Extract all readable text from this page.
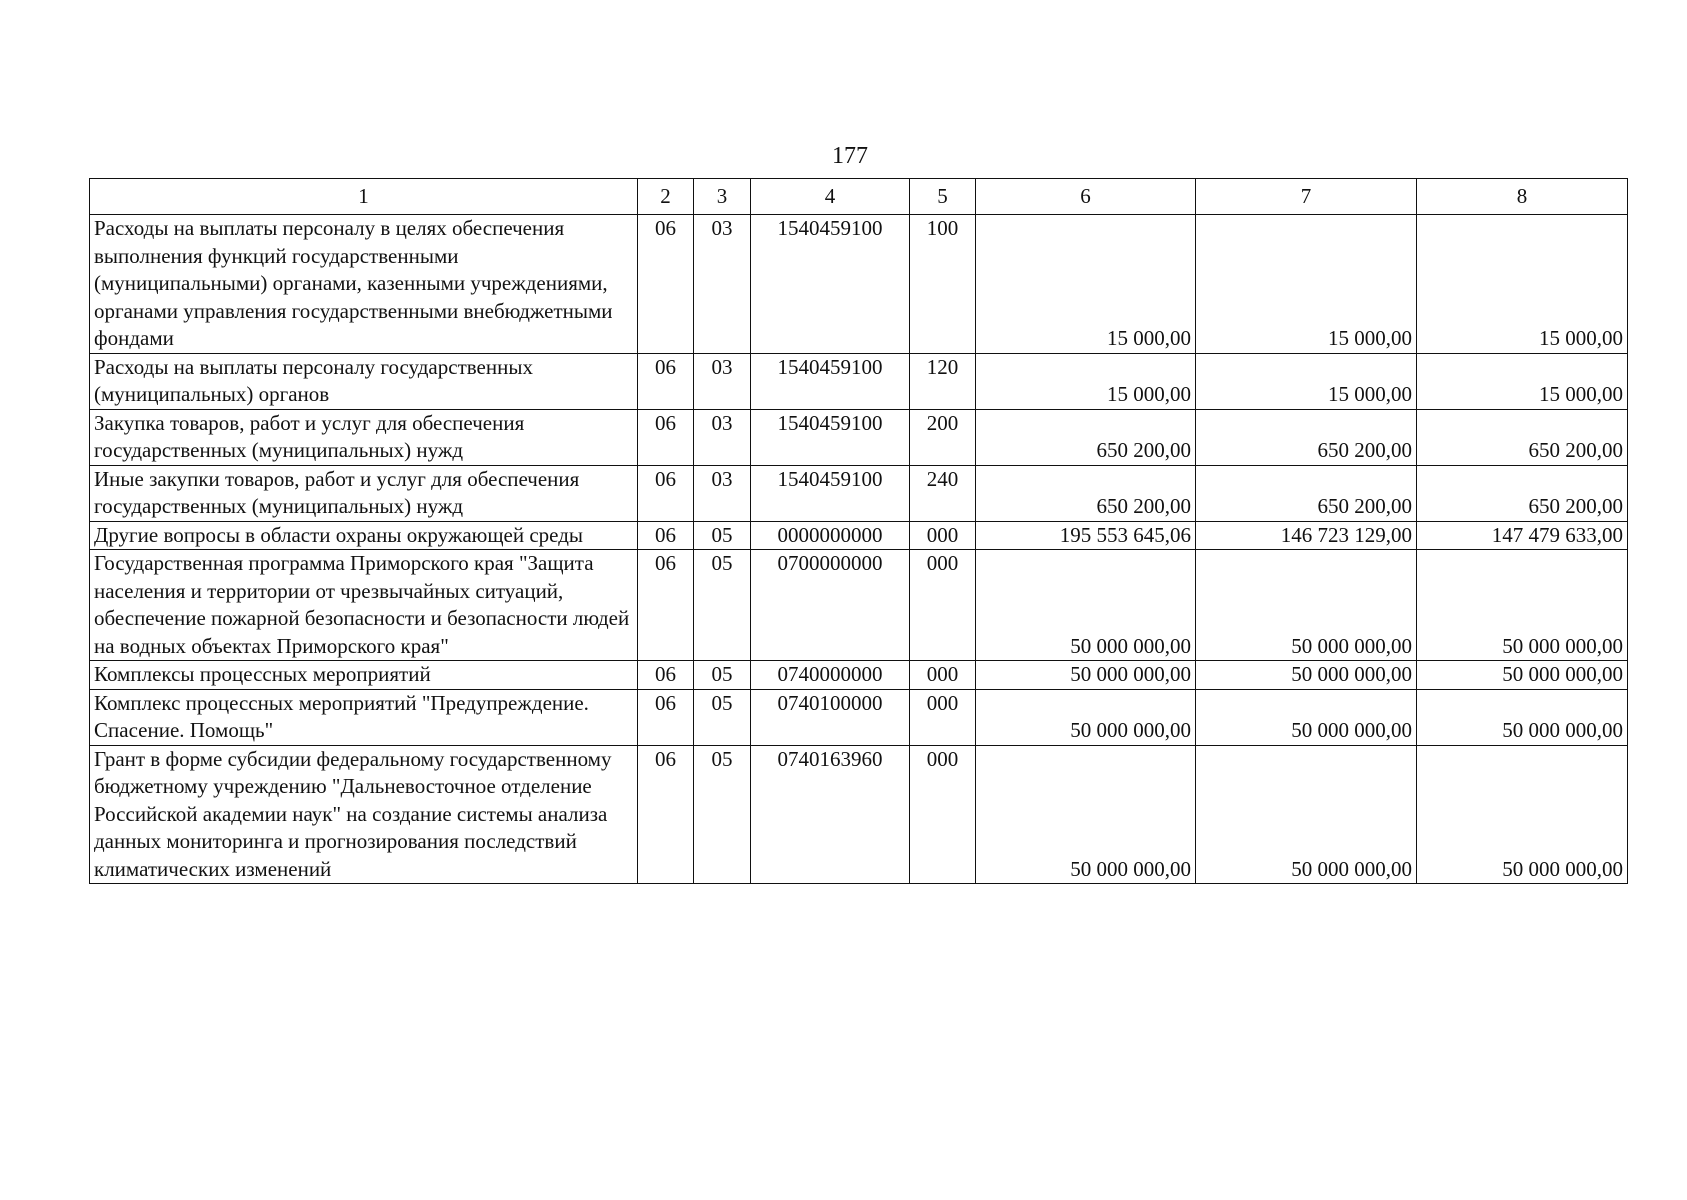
177
1	2	3	4	5	6	7	8
Расходы на выплаты персоналу в целях обеспечения выполнения функций государственными (муниципальными) органами, казенными учреждениями, органами управления государственными внебюджетными фондами	06	03	1540459100	100	15 000,00	15 000,00	15 000,00
Расходы на выплаты персоналу государственных (муниципальных) органов	06	03	1540459100	120	15 000,00	15 000,00	15 000,00
Закупка товаров, работ и услуг для обеспечения государственных (муниципальных) нужд	06	03	1540459100	200	650 200,00	650 200,00	650 200,00
Иные закупки товаров, работ и услуг для обеспечения государственных (муниципальных) нужд	06	03	1540459100	240	650 200,00	650 200,00	650 200,00
Другие вопросы в области охраны окружающей среды	06	05	0000000000	000	195 553 645,06	146 723 129,00	147 479 633,00
Государственная программа Приморского края "Защита населения и территории от чрезвычайных ситуаций, обеспечение пожарной безопасности и безопасности людей на водных объектах Приморского края"	06	05	0700000000	000	50 000 000,00	50 000 000,00	50 000 000,00
Комплексы процессных мероприятий	06	05	0740000000	000	50 000 000,00	50 000 000,00	50 000 000,00
Комплекс процессных мероприятий "Предупреждение. Спасение. Помощь"	06	05	0740100000	000	50 000 000,00	50 000 000,00	50 000 000,00
Грант в форме субсидии федеральному государственному бюджетному учреждению "Дальневосточное отделение Российской академии наук" на создание системы анализа данных мониторинга и прогнозирования последствий климатических изменений	06	05	0740163960	000	50 000 000,00	50 000 000,00	50 000 000,00
